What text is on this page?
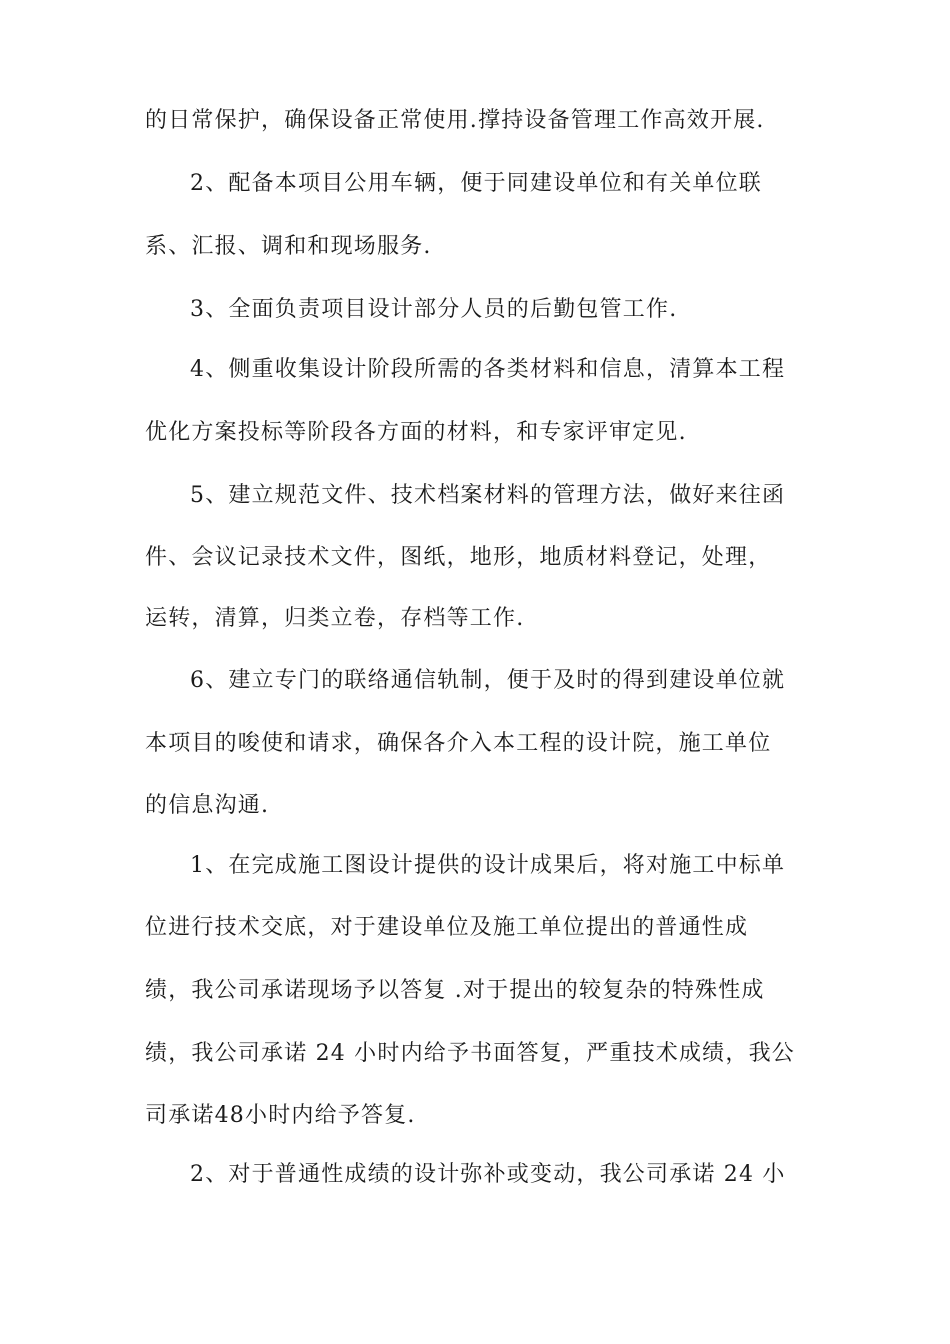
的日常保护，确保设备正常使用.撑持设备管理工作高效开展.
2、配备本项目公用车辆，便于同建设单位和有关单位联
系、汇报、调和和现场服务.
3、全面负责项目设计部分人员的后勤包管工作.
4、侧重收集设计阶段所需的各类材料和信息，清算本工程
优化方案投标等阶段各方面的材料，和专家评审定见.
5、建立规范文件、技术档案材料的管理方法，做好来往函
件、会议记录技术文件，图纸，地形，地质材料登记，处理，
运转，清算，归类立卷，存档等工作.
6、建立专门的联络通信轨制，便于及时的得到建设单位就
本项目的唆使和请求，确保各介入本工程的设计院，施工单位
的信息沟通.
1、在完成施工图设计提供的设计成果后，将对施工中标单
位进行技术交底，对于建设单位及施工单位提出的普通性成
绩，我公司承诺现场予以答复 .对于提出的较复杂的特殊性成
绩，我公司承诺 24 小时内给予书面答复，严重技术成绩，我公
司承诺48小时内给予答复.
2、对于普通性成绩的设计弥补或变动，我公司承诺 24 小
